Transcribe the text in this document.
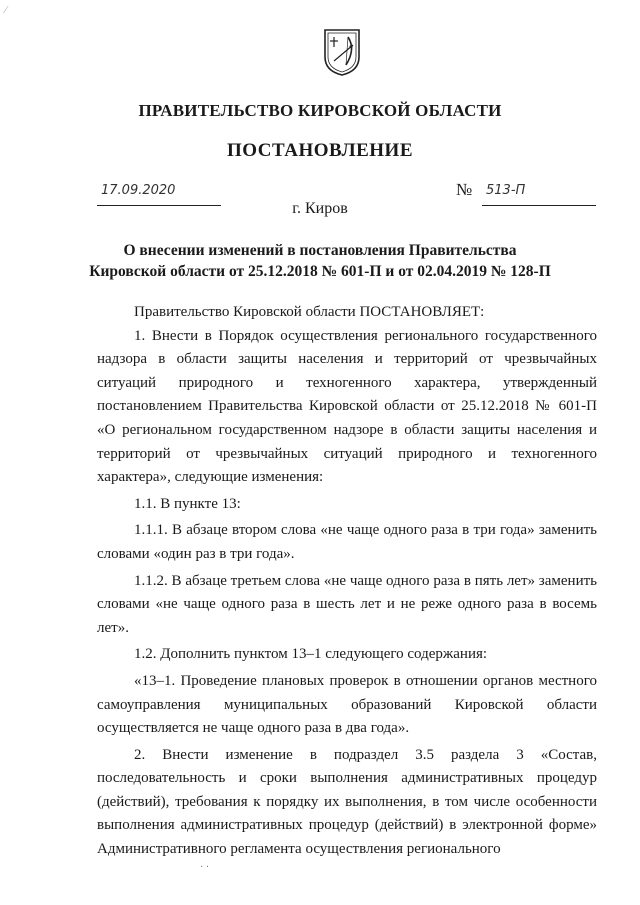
⁄
ПРАВИТЕЛЬСТВО КИРОВСКОЙ ОБЛАСТИ
ПОСТАНОВЛЕНИЕ
17.09.2020	№	513-П
г. Киров
О внесении изменений в постановления Правительства
Кировской области от 25.12.2018 № 601-П и от 02.04.2019 № 128-П

Правительство Кировской области ПОСТАНОВЛЯЕТ:

1. Внести в Порядок осуществления регионального государственного надзора в области защиты населения и территорий от чрезвычайных ситуаций природного и техногенного характера, утвержденный постановлением Правительства Кировской области от 25.12.2018 № 601-П «О региональном государственном надзоре в области защиты населения и территорий от чрезвычайных ситуаций природного и техногенного характера», следующие изменения:

1.1. В пункте 13:

1.1.1. В абзаце втором слова «не чаще одного раза в три года» заменить словами «один раз в три года».

1.1.2. В абзаце третьем слова «не чаще одного раза в пять лет» заменить словами «не чаще одного раза в шесть лет и не реже одного раза в восемь лет».

1.2. Дополнить пунктом 13–1 следующего содержания:

«13–1. Проведение плановых проверок в отношении органов местного самоуправления муниципальных образований Кировской области осуществляется не чаще одного раза в два года».

2. Внести изменение в подраздел 3.5 раздела 3 «Состав, последовательность и сроки выполнения административных процедур (действий), требования к порядку их выполнения, в том числе особенности выполнения административных процедур (действий) в электронной форме» Административного регламента осуществления регионального

· ·
